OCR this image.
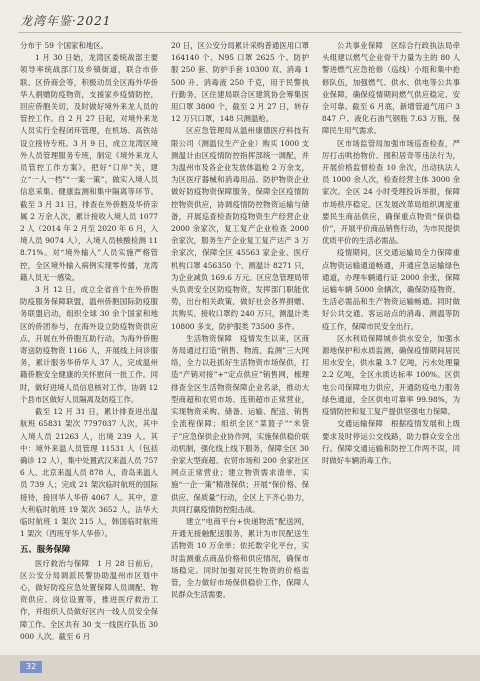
龙湾年鉴·2021

分布于 59 个国家和地区。

1 月 30 日始，龙湾区委统战部主要领导率统战部门及乡镇街道，联合市侨联、区侨商会等，积极动员全区海外华侨华人捐赠防疫物资，支援家乡疫情防控，回应侨胞关切，及时做好境外来龙人员的管控工作。自 2 月 27 日起，对境外来龙人员实行全程闭环管理，在机场、高铁站设立接待专班。3 月 9 日，成立龙湾区境外人员管理服务专班，制定《境外来龙人员管控工作方案》，把好“口岸”关，建立“一人一档”“一案一策”，做实入境人员信息采集、健康监测和集中隔离等环节。截至 3 月 31 日，排查在外侨胞及华侨亲属 2 万余人次，累计接收入境人员 10772 人（2014 年 2 月至 2020 年 6 月，入境人员 9074 人），入境人员核酸检测 118.71%。对“境外输入”人员实施严格管控，全区境外输入病例实现零传播，龙湾籍人员无一感染。

3 月 12 日，成立全省首个在外侨胞防疫服务保障联盟，温州侨胞国际防疫服务联盟启动，组织全球 30 余个国家和地区的侨团参与，在海外设立防疫物资供应点，开展在外侨胞互助行动，为海外侨胞寄送防疫物资 1166 人，开展线上问诊服务，累计服务华侨华人 37 人，完成温州籍侨胞安全健康的关怀慰问一批工作。同时，做好进境人员信息核对工作，协调 12 个县市区做好人员隔离及防疫工作。

截至 12 月 31 日，累计排查进出温航班 65831 架次 7797037 人次，其中入境人员 21263 人，出境 239 人。其中：境外来温人员管理 11531 人（包括确诊 12 人），集中处置武汉来温人员 7576 人、北京来温人员 878 人，青岛来温人员 739 人；完成 21 架次临时航班的国际接待，接回华人华侨 4067 人。其中，意大利临时航班 19 架次 3652 人，法华大临时航班 1 架次 215 人，韩国临时航班 1 架次（西班牙华人华侨）。

五、服务保障

医疗救治与保障　1 月 28 日前后，区公安分局调派民警协助温州市区划中心，做好防疫应急处置保障人员调配、物资供应、岗位设置等，推进医疗救治工作，并组织人员做好区内一线人员安全保障工作。全区共有 30 支一线医疗队伍 30000 人次。截至 6 月

20 日，区公安分局累计采购普通医用口罩 164140 个、N95 口罩 2625 个、防护服 250 套、防护手套 10300 双、消毒 1500 升、消毒液 250 千克，用于民警执行勤务，区住建局联合区建筑协会筹集医用口罩 3800 个，截至 2 月 27 日，转存 12 万只口罩，148 只测温枪。

区应急管理局从温州康德医疗科技有限公司（测温仪生产企业）购买 1000 支测温计由区疫情防控指挥部统一调配，并为温州市及各企业发放体温枪 2 万余支，为区医疗器械和消毒用品、防护物资企业做好防疫物资保障服务，保障全区疫情防控物资供应，协调疫情防控物资运输与储备，开展巡查检查防疫物资生产经营企业 2000 余家次，复工复产企业检查 2000 余家次，服务生产企业复工复产达产 3 万余家次，保障全区 45563 家企业、医疗机构口罩 456350 个、测温计 8271 只，为企业减负 169.6 万元。区应急管理局带头负责安全区防疫物资，发挥部门职能优势，出台相关政策，做好社会各界捐赠、共购买、接收口罩约 240 万只，测温计类 10800 多支，防护服类 73500 多件。

生活物资保障　疫情发生以来，区商务局通过打造“销售、物流、监测”三大网络，全力以赴抓好生活物资市场保供，打造“产销对接”+“定点供应”销售网，梳理排查全区生活物资保障企业名录，推动大型商超和农贸市场、连锁超市正常营业，实现物资采购、储备、运输、配送、销售全流程保障；组织全区“菜篮子”“米袋子”应急保供企业协作网，实施保供稳价联动机制，强化线上线下服务，保障全区 30 余家大型商超、农贸市场和 200 余家社区网点正常营业；建立物资需求清单，实施“一企一策”精准保供；开展“保价格、保供应、保质量”行动，全区上下齐心协力，共同打赢疫情防控阻击战。

建立“电商平台+快递物流”配送网，开通无接触配送服务，累计为市民配送生活物资 10 万余单；依托数字化平台，实时监测重点商品价格和供应情况，确保市场稳定。同时加强对民生物资的价格监管，全力做好市场保供稳价工作，保障人民群众生活需要。

公共事业保障　区综合行政执法局牵头组建以燃气企业骨干力量为主的 80 人警进燃气应急抢修（巡线）小组和集中抢修队伍，加强燃气、供水、供电等公共事业保障，确保疫情期间燃气供应稳定、安全可靠。截至 6 月底，新增管道气用户 3847 户、液化石油气钢瓶 7.63 万瓶，保障民生用气需求。

区市场监管局加强市场巡查检查，严厉打击哄抬物价、囤积居奇等违法行为，开展价格监督检查 10 余次，出动执法人员 1000 余人次，检查经营主体 3000 余家次。全区 24 小时受理投诉举报，保障市场秩序稳定。区发展改革局组织调度重要民生商品供应，确保重点物资“保供稳价”，开展平价商品销售行动，为市民提供优质平价的生活必需品。

疫情期间，区交通运输局全力保障重点物资运输通道畅通，开通应急运输绿色通道，办理车辆通行证 2000 余张，保障运输车辆 5000 余辆次，确保防疫物资、生活必需品和生产物资运输畅通。同时做好公共交通、客运站点的消毒、测温等防疫工作，保障市民安全出行。

区水利局保障城乡供水安全，加强水源地保护和水质监测，确保疫情期间居民用水安全，供水量 3.7 亿吨，污水处理量 2.2 亿吨，全区水质达标率 100%。区供电公司保障电力供应，开通防疫电力服务绿色通道，全区供电可靠率 99.98%，为疫情防控和复工复产提供坚强电力保障。

交通运输保障　根据疫情发展和上级要求及时停运公交线路，助力群众安全出行。保障交通运输和防控工作两不误，同时做好车辆消毒工作。

32
